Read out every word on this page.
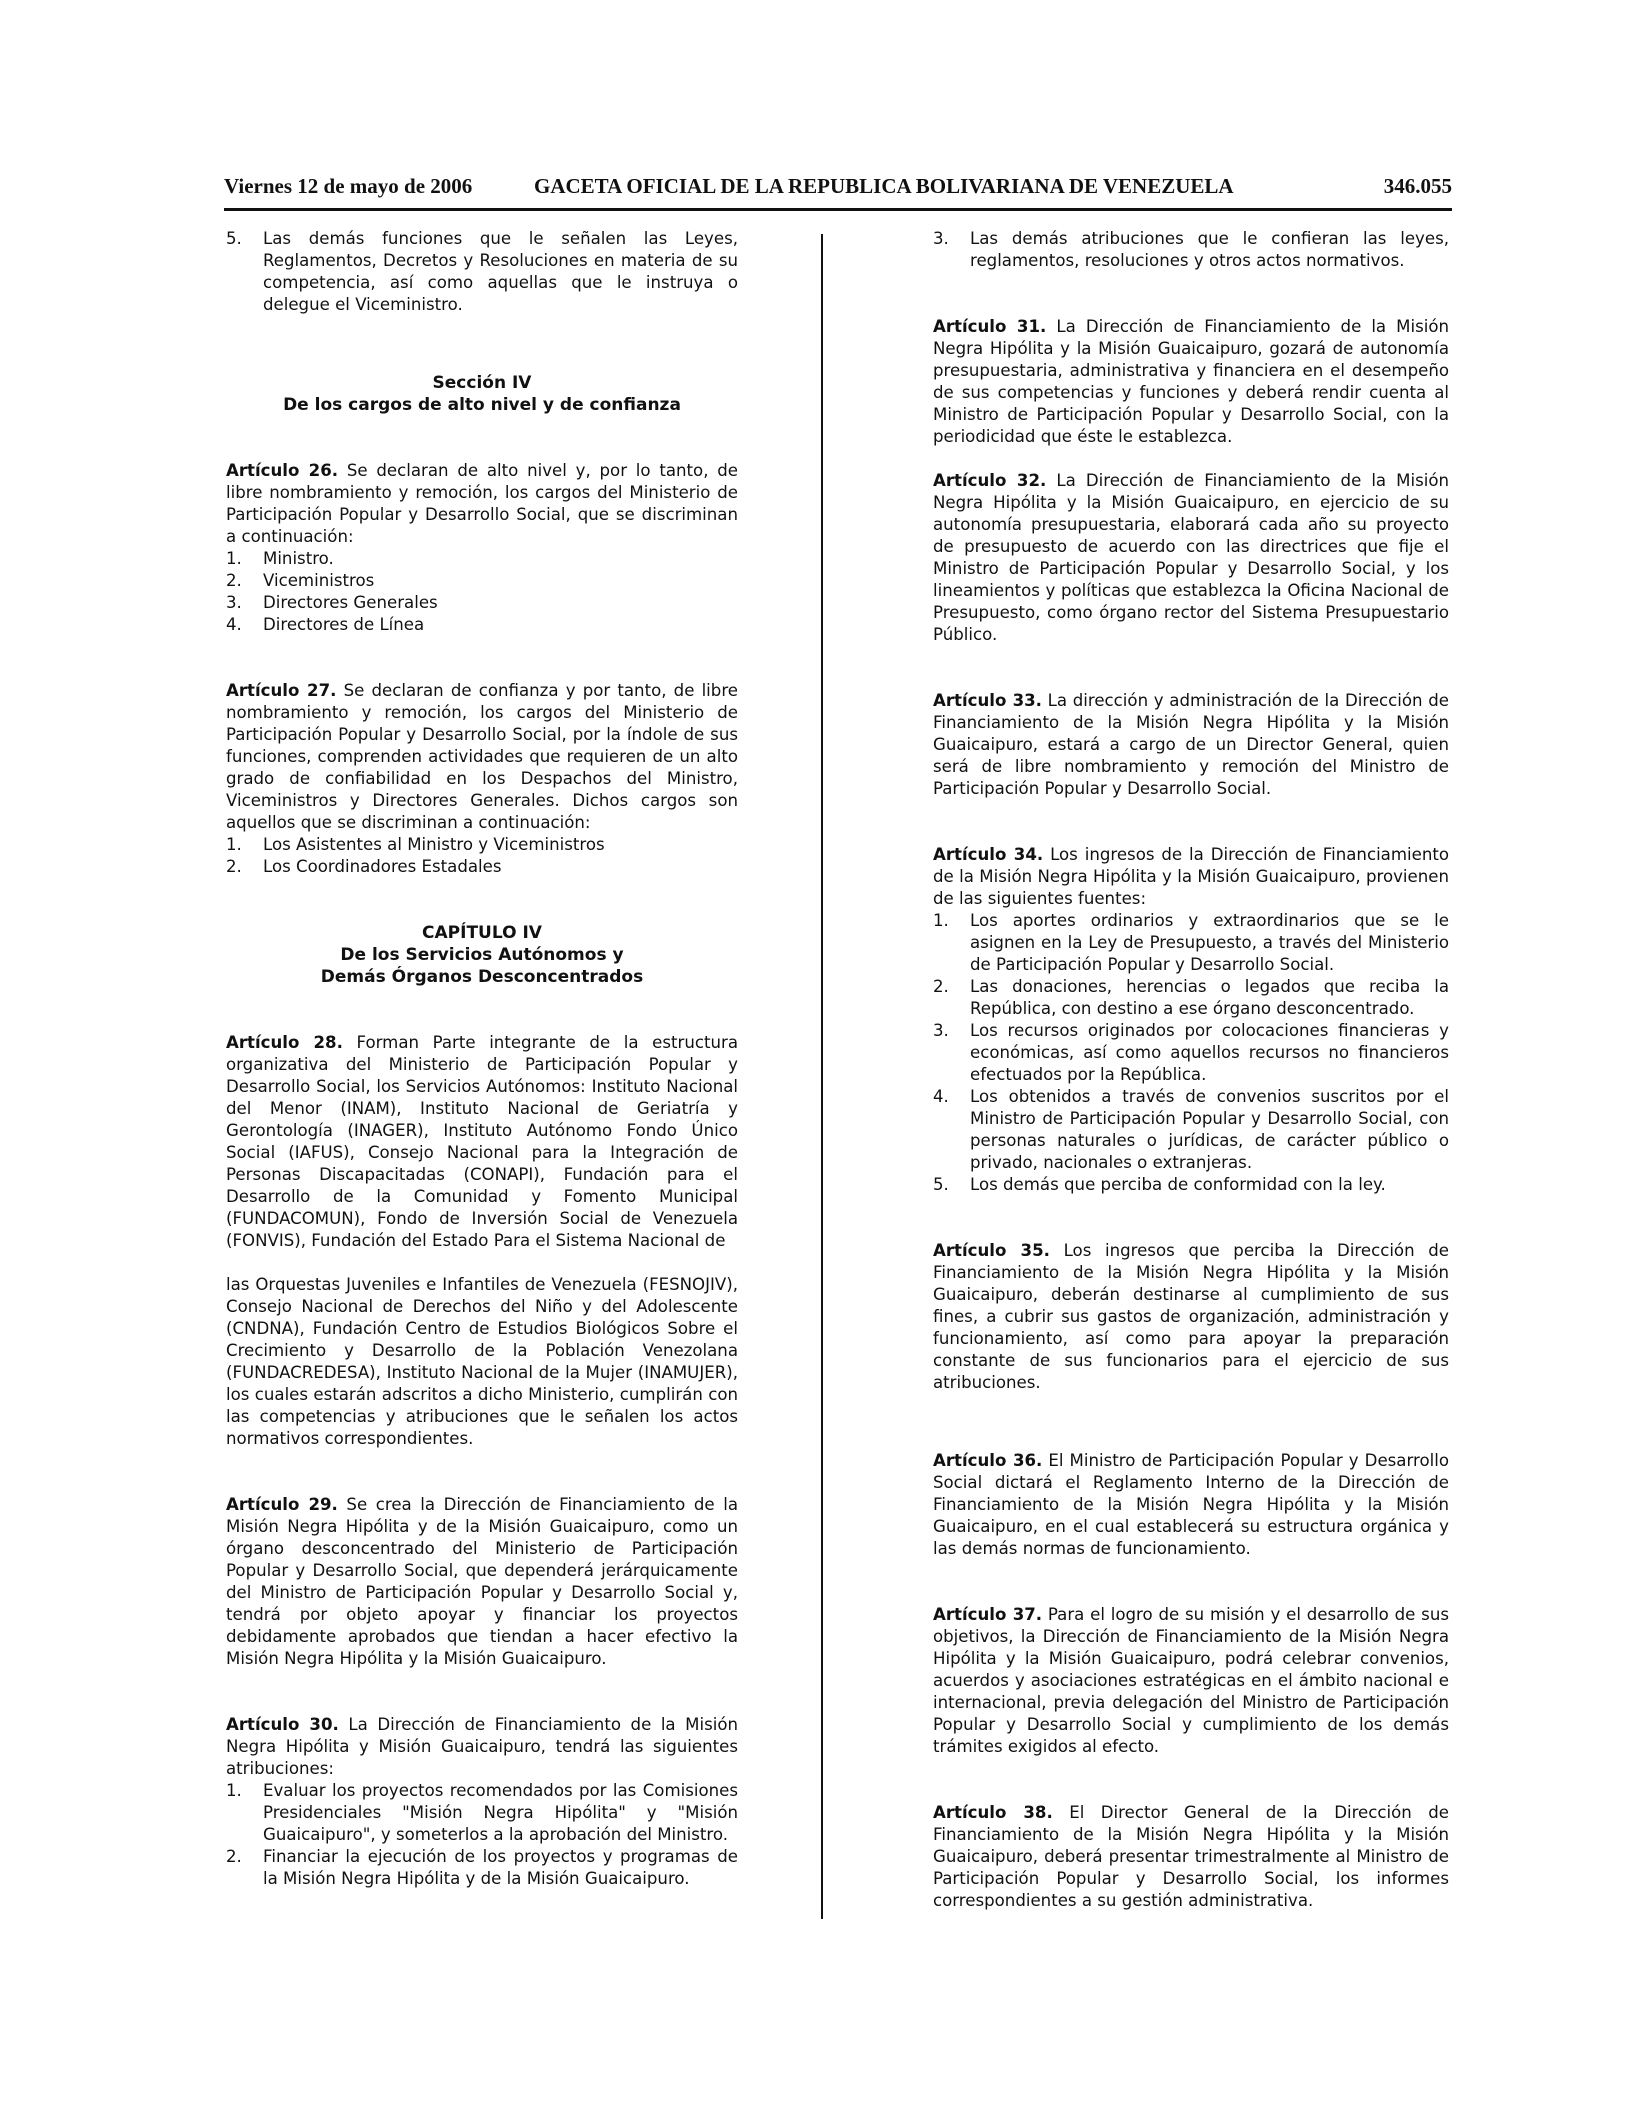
Viernes 12 de mayo de 2006	GACETA OFICIAL DE LA REPUBLICA BOLIVARIANA DE VENEZUELA	346.055
5. Las demás funciones que le señalen las Leyes, Reglamentos, Decretos y Resoluciones en materia de su competencia, así como aquellas que le instruya o delegue el Viceministro.
Sección IV
De los cargos de alto nivel y de confianza

Artículo 26. Se declaran de alto nivel y, por lo tanto, de libre nombramiento y remoción, los cargos del Ministerio de Participación Popular y Desarrollo Social, que se discriminan a continuación:

1. Ministro.
2. Viceministros
3. Directores Generales
4. Directores de Línea

Artículo 27. Se declaran de confianza y por tanto, de libre nombramiento y remoción, los cargos del Ministerio de Participación Popular y Desarrollo Social, por la índole de sus funciones, comprenden actividades que requieren de un alto grado de confiabilidad en los Despachos del Ministro, Viceministros y Directores Generales. Dichos cargos son aquellos que se discriminan a continuación:

1. Los Asistentes al Ministro y Viceministros
2. Los Coordinadores Estadales
CAPÍTULO IV
De los Servicios Autónomos y
Demás Órganos Desconcentrados

Artículo 28. Forman Parte integrante de la estructura organizativa del Ministerio de Participación Popular y Desarrollo Social, los Servicios Autónomos: Instituto Nacional del Menor (INAM), Instituto Nacional de Geriatría y Gerontología (INAGER), Instituto Autónomo Fondo Único Social (IAFUS), Consejo Nacional para la Integración de Personas Discapacitadas (CONAPI), Fundación para el Desarrollo de la Comunidad y Fomento Municipal (FUNDACOMUN), Fondo de Inversión Social de Venezuela (FONVIS), Fundación del Estado Para el Sistema Nacional de

las Orquestas Juveniles e Infantiles de Venezuela (FESNOJIV), Consejo Nacional de Derechos del Niño y del Adolescente (CNDNA), Fundación Centro de Estudios Biológicos Sobre el Crecimiento y Desarrollo de la Población Venezolana (FUNDACREDESA), Instituto Nacional de la Mujer (INAMUJER), los cuales estarán adscritos a dicho Ministerio, cumplirán con las competencias y atribuciones que le señalen los actos normativos correspondientes.

Artículo 29. Se crea la Dirección de Financiamiento de la Misión Negra Hipólita y de la Misión Guaicaipuro, como un órgano desconcentrado del Ministerio de Participación Popular y Desarrollo Social, que dependerá jerárquicamente del Ministro de Participación Popular y Desarrollo Social y, tendrá por objeto apoyar y financiar los proyectos debidamente aprobados que tiendan a hacer efectivo la Misión Negra Hipólita y la Misión Guaicaipuro.

Artículo 30. La Dirección de Financiamiento de la Misión Negra Hipólita y Misión Guaicaipuro, tendrá las siguientes atribuciones:

1. Evaluar los proyectos recomendados por las Comisiones Presidenciales "Misión Negra Hipólita" y "Misión Guaicaipuro", y someterlos a la aprobación del Ministro.
2. Financiar la ejecución de los proyectos y programas de la Misión Negra Hipólita y de la Misión Guaicaipuro.
3. Las demás atribuciones que le confieran las leyes, reglamentos, resoluciones y otros actos normativos.

Artículo 31. La Dirección de Financiamiento de la Misión Negra Hipólita y la Misión Guaicaipuro, gozará de autonomía presupuestaria, administrativa y financiera en el desempeño de sus competencias y funciones y deberá rendir cuenta al Ministro de Participación Popular y Desarrollo Social, con la periodicidad que éste le establezca.

Artículo 32. La Dirección de Financiamiento de la Misión Negra Hipólita y la Misión Guaicaipuro, en ejercicio de su autonomía presupuestaria, elaborará cada año su proyecto de presupuesto de acuerdo con las directrices que fije el Ministro de Participación Popular y Desarrollo Social, y los lineamientos y políticas que establezca la Oficina Nacional de Presupuesto, como órgano rector del Sistema Presupuestario Público.

Artículo 33. La dirección y administración de la Dirección de Financiamiento de la Misión Negra Hipólita y la Misión Guaicaipuro, estará a cargo de un Director General, quien será de libre nombramiento y remoción del Ministro de Participación Popular y Desarrollo Social.

Artículo 34. Los ingresos de la Dirección de Financiamiento de la Misión Negra Hipólita y la Misión Guaicaipuro, provienen de las siguientes fuentes:

1. Los aportes ordinarios y extraordinarios que se le asignen en la Ley de Presupuesto, a través del Ministerio de Participación Popular y Desarrollo Social.
2. Las donaciones, herencias o legados que reciba la República, con destino a ese órgano desconcentrado.
3. Los recursos originados por colocaciones financieras y económicas, así como aquellos recursos no financieros efectuados por la República.
4. Los obtenidos a través de convenios suscritos por el Ministro de Participación Popular y Desarrollo Social, con personas naturales o jurídicas, de carácter público o privado, nacionales o extranjeras.
5. Los demás que perciba de conformidad con la ley.

Artículo 35. Los ingresos que perciba la Dirección de Financiamiento de la Misión Negra Hipólita y la Misión Guaicaipuro, deberán destinarse al cumplimiento de sus fines, a cubrir sus gastos de organización, administración y funcionamiento, así como para apoyar la preparación constante de sus funcionarios para el ejercicio de sus atribuciones.

Artículo 36. El Ministro de Participación Popular y Desarrollo Social dictará el Reglamento Interno de la Dirección de Financiamiento de la Misión Negra Hipólita y la Misión Guaicaipuro, en el cual establecerá su estructura orgánica y las demás normas de funcionamiento.

Artículo 37. Para el logro de su misión y el desarrollo de sus objetivos, la Dirección de Financiamiento de la Misión Negra Hipólita y la Misión Guaicaipuro, podrá celebrar convenios, acuerdos y asociaciones estratégicas en el ámbito nacional e internacional, previa delegación del Ministro de Participación Popular y Desarrollo Social y cumplimiento de los demás trámites exigidos al efecto.

Artículo 38. El Director General de la Dirección de Financiamiento de la Misión Negra Hipólita y la Misión Guaicaipuro, deberá presentar trimestralmente al Ministro de Participación Popular y Desarrollo Social, los informes correspondientes a su gestión administrativa.
